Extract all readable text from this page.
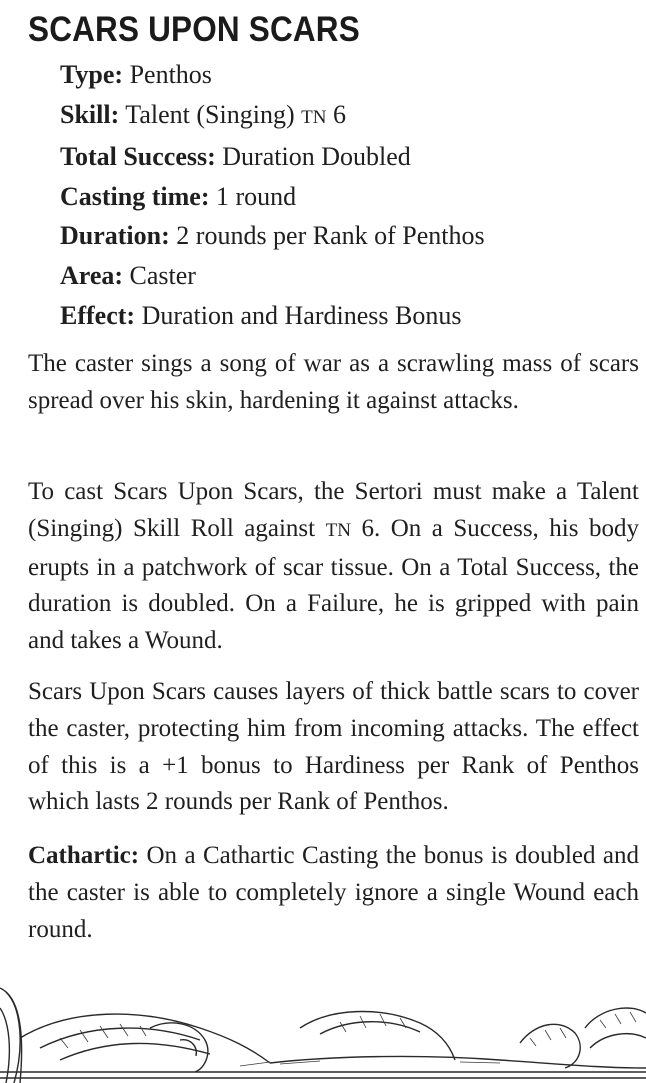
SCARS UPON SCARS
Type: Penthos
Skill: Talent (Singing) TN 6
Total Success: Duration Doubled
Casting time: 1 round
Duration: 2 rounds per Rank of Penthos
Area: Caster
Effect: Duration and Hardiness Bonus

The caster sings a song of war as a scrawling mass of scars spread over his skin, hardening it against attacks.

To cast Scars Upon Scars, the Sertori must make a Talent (Singing) Skill Roll against TN 6. On a Success, his body erupts in a patchwork of scar tissue. On a Total Success, the duration is doubled. On a Failure, he is gripped with pain and takes a Wound.

Scars Upon Scars causes layers of thick battle scars to cover the caster, protecting him from incoming attacks. The effect of this is a +1 bonus to Hardiness per Rank of Penthos which lasts 2 rounds per Rank of Penthos.

Cathartic: On a Cathartic Casting the bonus is doubled and the caster is able to completely ignore a single Wound each round.
